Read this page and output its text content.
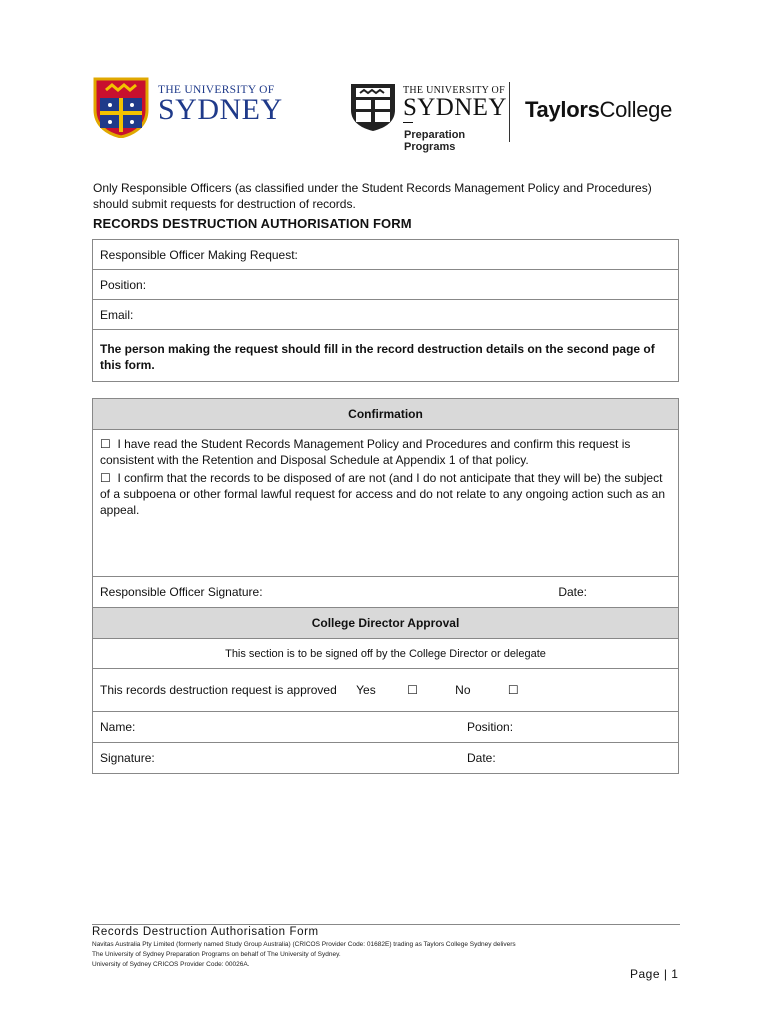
THE UNIVERSITY OF
SYDNEY
THE UNIVERSITY OF
SYDNEY
Preparation
Programs
TaylorsCollege
Only Responsible Officers (as classified under the Student Records Management Policy and Procedures) should submit requests for destruction of records.
RECORDS DESTRUCTION AUTHORISATION FORM
Responsible Officer Making Request:
Position:
Email:
The person making the request should fill in the record destruction details on the second page of this form.
Confirmation

☐ I have read the Student Records Management Policy and Procedures and confirm this request is consistent with the Retention and Disposal Schedule at Appendix 1 of that policy.

☐ I confirm that the records to be disposed of are not (and I do not anticipate that they will be) the subject of a subpoena or other formal lawful request for access and do not relate to any ongoing action such as an appeal.

Responsible Officer Signature:	Date:

College Director Approval
This section is to be signed off by the College Director or delegate
This records destruction request is approved Yes	☐	No	☐

Name:	Position:

Signature:	Date:
Records Destruction Authorisation Form
Navitas Australia Pty Limited (formerly named Study Group Australia) (CRICOS Provider Code: 01682E) trading as Taylors College Sydney delivers
The University of Sydney Preparation Programs on behalf of The University of Sydney.
University of Sydney CRICOS Provider Code: 00026A.
Page | 1
